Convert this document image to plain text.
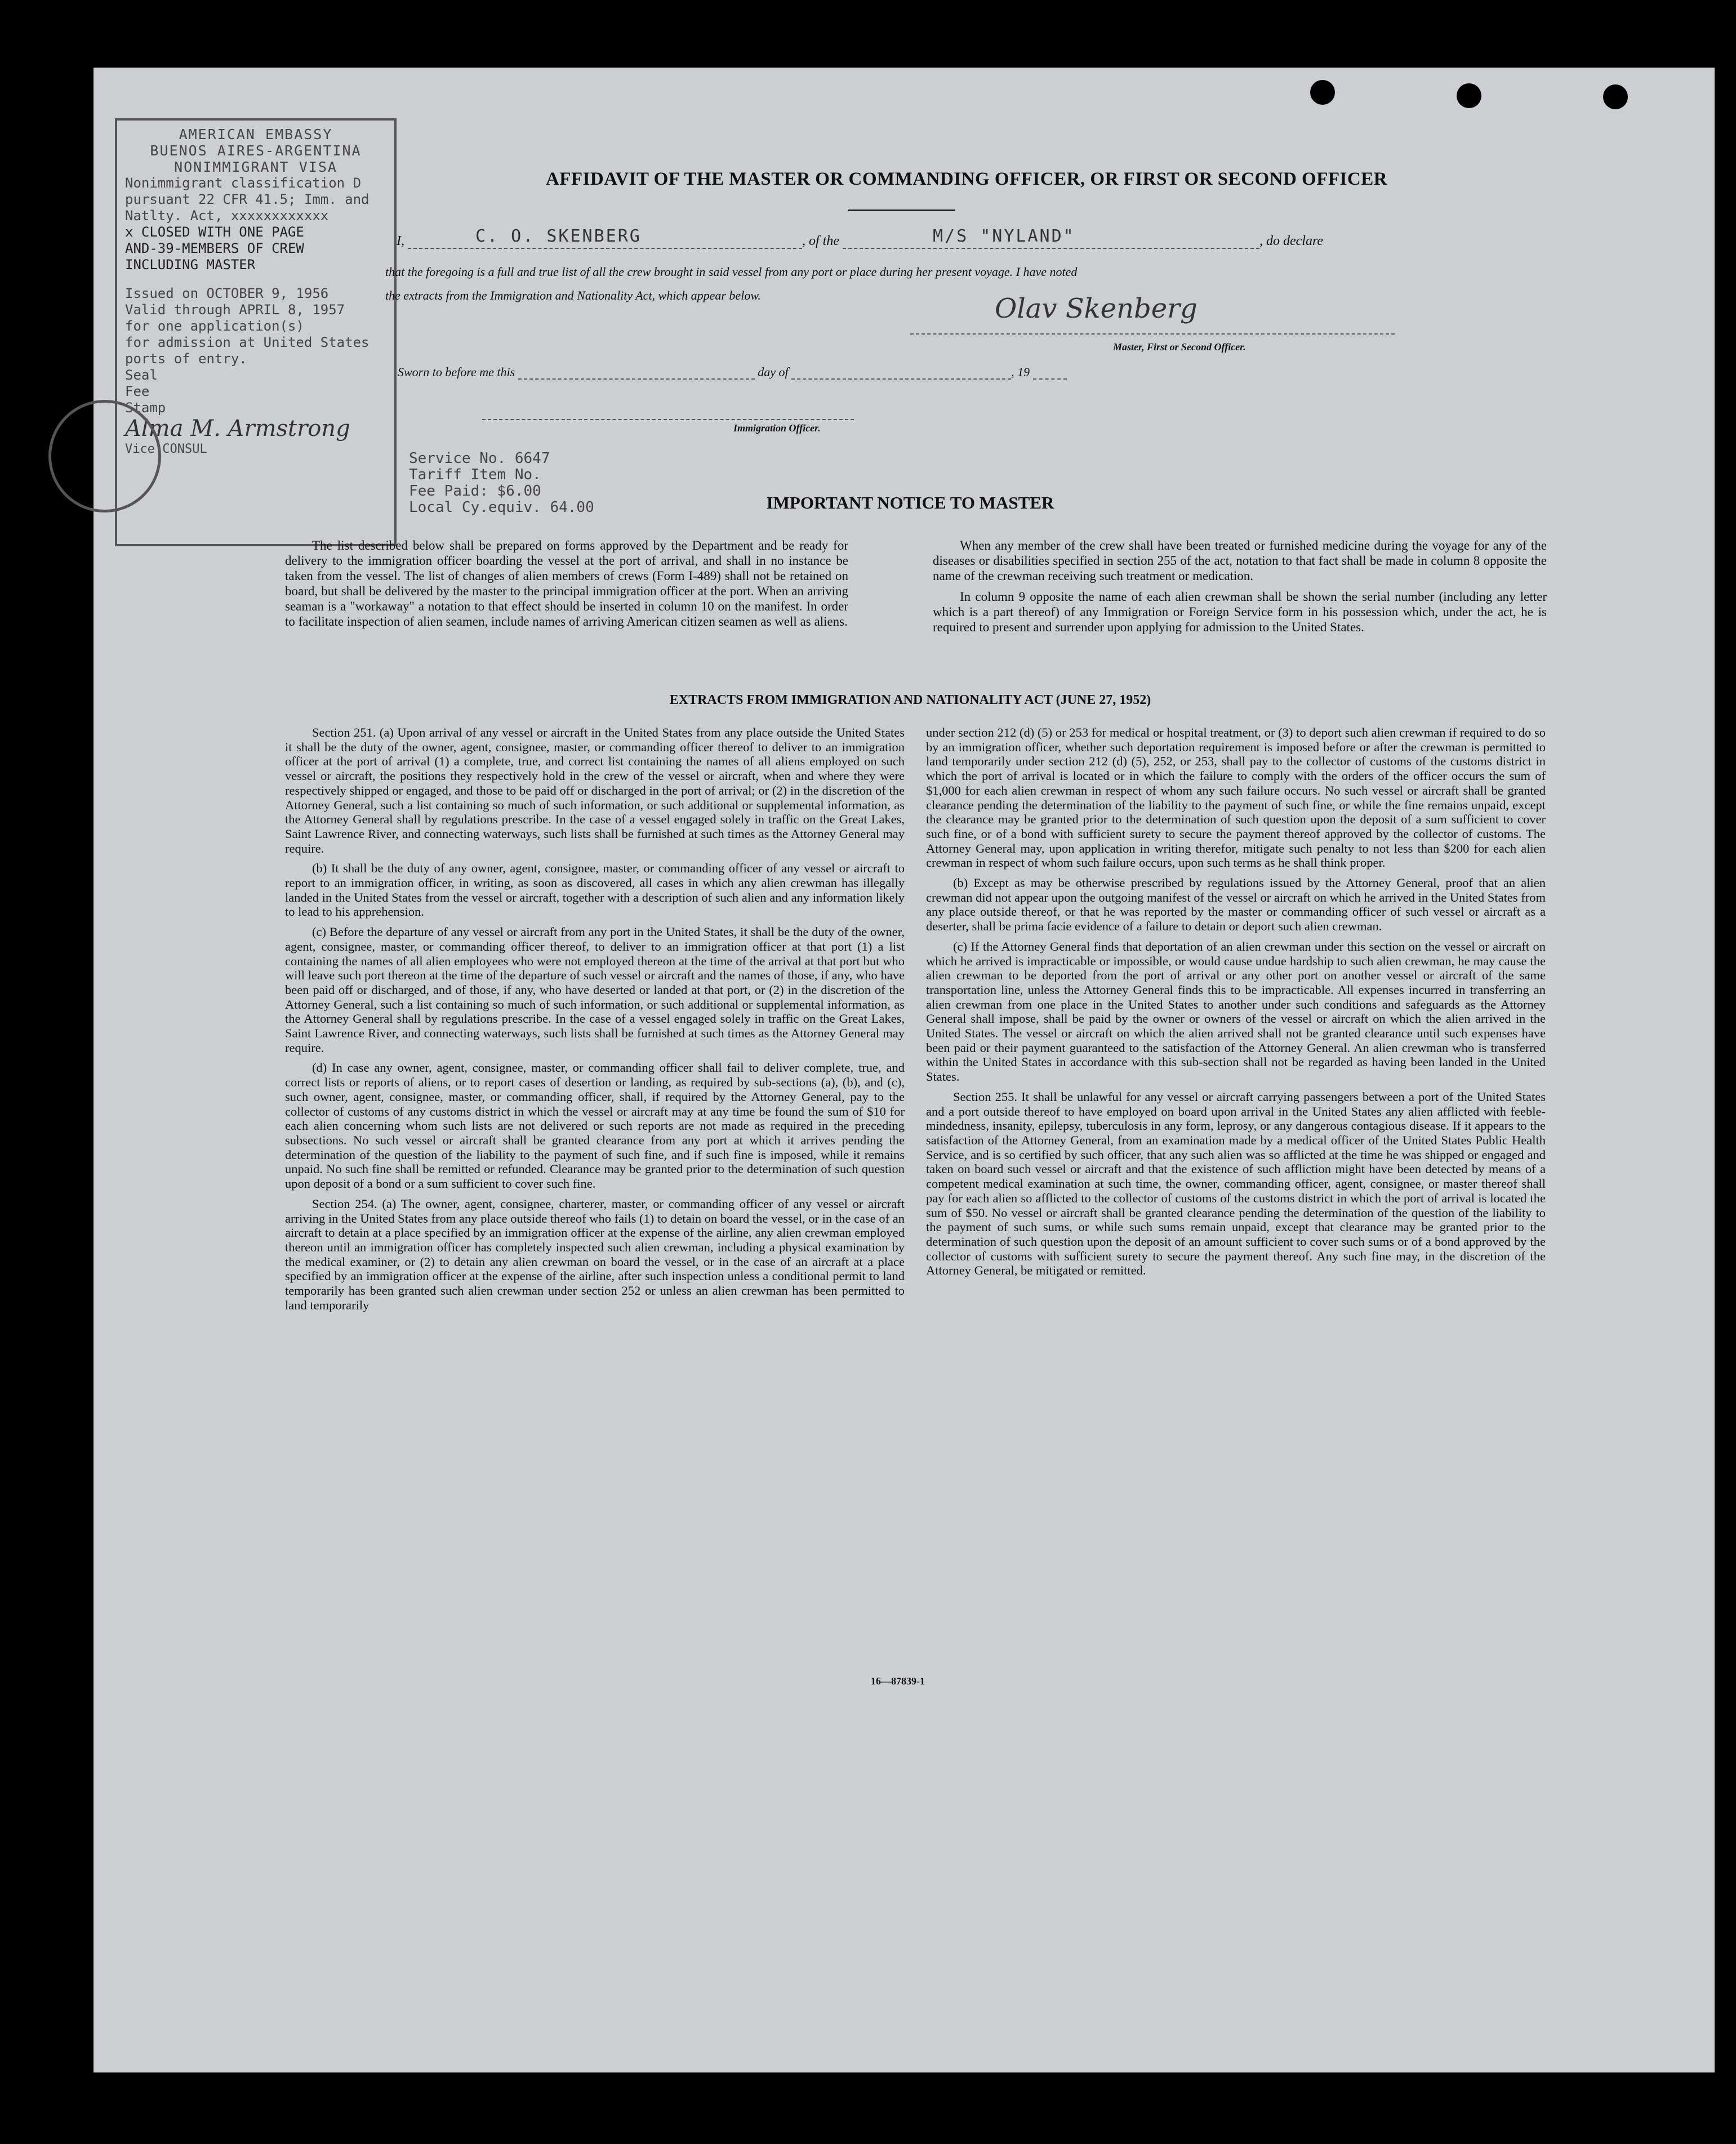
AMERICAN EMBASSY
BUENOS AIRES-ARGENTINA
NONIMMIGRANT VISA
Nonimmigrant classification D
pursuant 22 CFR 41.5; Imm. and
Natlty. Act, xxxxxxxxxxxx
x CLOSED WITH ONE PAGE
AND-39-MEMBERS OF CREW
INCLUDING MASTER
Issued on OCTOBER 9, 1956
Valid through APRIL 8, 1957
for one application(s)
for admission at United States
ports of entry.
Seal
Fee
Stamp
Alma M. Armstrong
Vice CONSUL
Service No. 6647
Tariff Item No.
Fee Paid: $6.00
Local Cy.equiv. 64.00
AFFIDAVIT OF THE MASTER OR COMMANDING OFFICER, OR FIRST OR SECOND OFFICER
I,	C. O. SKENBERG	, of the	M/S "NYLAND"	, do declare
that the foregoing is a full and true list of all the crew brought in said vessel from any port or place during her present voyage. I have noted
the extracts from the Immigration and Nationality Act, which appear below.	Olav Skenberg
Master, First or Second Officer.
Sworn to before me this	day of	, 19
Immigration Officer.
IMPORTANT NOTICE TO MASTER

The list described below shall be prepared on forms approved by the Department and be ready for delivery to the immigration officer boarding the vessel at the port of arrival, and shall in no instance be taken from the vessel. The list of changes of alien members of crews (Form I-489) shall not be retained on board, but shall be delivered by the master to the principal immigration officer at the port. When an arriving seaman is a "workaway" a notation to that effect should be inserted in column 10 on the manifest. In order to facilitate inspection of alien seamen, include names of arriving American citizen seamen as well as aliens.

When any member of the crew shall have been treated or furnished medicine during the voyage for any of the diseases or disabilities specified in section 255 of the act, notation to that fact shall be made in column 8 opposite the name of the crewman receiving such treatment or medication.

In column 9 opposite the name of each alien crewman shall be shown the serial number (including any letter which is a part thereof) of any Immigration or Foreign Service form in his possession which, under the act, he is required to present and surrender upon applying for admission to the United States.

EXTRACTS FROM IMMIGRATION AND NATIONALITY ACT (JUNE 27, 1952)

Section 251. (a) Upon arrival of any vessel or aircraft in the United States from any place outside the United States it shall be the duty of the owner, agent, consignee, master, or commanding officer thereof to deliver to an immigration officer at the port of arrival (1) a complete, true, and correct list containing the names of all aliens employed on such vessel or aircraft, the positions they respectively hold in the crew of the vessel or aircraft, when and where they were respectively shipped or engaged, and those to be paid off or discharged in the port of arrival; or (2) in the discretion of the Attorney General, such a list containing so much of such information, or such additional or supplemental information, as the Attorney General shall by regulations prescribe. In the case of a vessel engaged solely in traffic on the Great Lakes, Saint Lawrence River, and connecting waterways, such lists shall be furnished at such times as the Attorney General may require.

(b) It shall be the duty of any owner, agent, consignee, master, or commanding officer of any vessel or aircraft to report to an immigration officer, in writing, as soon as discovered, all cases in which any alien crewman has illegally landed in the United States from the vessel or aircraft, together with a description of such alien and any information likely to lead to his apprehension.

(c) Before the departure of any vessel or aircraft from any port in the United States, it shall be the duty of the owner, agent, consignee, master, or commanding officer thereof, to deliver to an immigration officer at that port (1) a list containing the names of all alien employees who were not employed thereon at the time of the arrival at that port but who will leave such port thereon at the time of the departure of such vessel or aircraft and the names of those, if any, who have been paid off or discharged, and of those, if any, who have deserted or landed at that port, or (2) in the discretion of the Attorney General, such a list containing so much of such information, or such additional or supplemental information, as the Attorney General shall by regulations prescribe. In the case of a vessel engaged solely in traffic on the Great Lakes, Saint Lawrence River, and connecting waterways, such lists shall be furnished at such times as the Attorney General may require.

(d) In case any owner, agent, consignee, master, or commanding officer shall fail to deliver complete, true, and correct lists or reports of aliens, or to report cases of desertion or landing, as required by sub-sections (a), (b), and (c), such owner, agent, consignee, master, or commanding officer, shall, if required by the Attorney General, pay to the collector of customs of any customs district in which the vessel or aircraft may at any time be found the sum of $10 for each alien concerning whom such lists are not delivered or such reports are not made as required in the preceding subsections. No such vessel or aircraft shall be granted clearance from any port at which it arrives pending the determination of the question of the liability to the payment of such fine, and if such fine is imposed, while it remains unpaid. No such fine shall be remitted or refunded. Clearance may be granted prior to the determination of such question upon deposit of a bond or a sum sufficient to cover such fine.

Section 254. (a) The owner, agent, consignee, charterer, master, or commanding officer of any vessel or aircraft arriving in the United States from any place outside thereof who fails (1) to detain on board the vessel, or in the case of an aircraft to detain at a place specified by an immigration officer at the expense of the airline, any alien crewman employed thereon until an immigration officer has completely inspected such alien crewman, including a physical examination by the medical examiner, or (2) to detain any alien crewman on board the vessel, or in the case of an aircraft at a place specified by an immigration officer at the expense of the airline, after such inspection unless a conditional permit to land temporarily has been granted such alien crewman under section 252 or unless an alien crewman has been permitted to land temporarily

under section 212 (d) (5) or 253 for medical or hospital treatment, or (3) to deport such alien crewman if required to do so by an immigration officer, whether such deportation requirement is imposed before or after the crewman is permitted to land temporarily under section 212 (d) (5), 252, or 253, shall pay to the collector of customs of the customs district in which the port of arrival is located or in which the failure to comply with the orders of the officer occurs the sum of $1,000 for each alien crewman in respect of whom any such failure occurs. No such vessel or aircraft shall be granted clearance pending the determination of the liability to the payment of such fine, or while the fine remains unpaid, except the clearance may be granted prior to the determination of such question upon the deposit of a sum sufficient to cover such fine, or of a bond with sufficient surety to secure the payment thereof approved by the collector of customs. The Attorney General may, upon application in writing therefor, mitigate such penalty to not less than $200 for each alien crewman in respect of whom such failure occurs, upon such terms as he shall think proper.

(b) Except as may be otherwise prescribed by regulations issued by the Attorney General, proof that an alien crewman did not appear upon the outgoing manifest of the vessel or aircraft on which he arrived in the United States from any place outside thereof, or that he was reported by the master or commanding officer of such vessel or aircraft as a deserter, shall be prima facie evidence of a failure to detain or deport such alien crewman.

(c) If the Attorney General finds that deportation of an alien crewman under this section on the vessel or aircraft on which he arrived is impracticable or impossible, or would cause undue hardship to such alien crewman, he may cause the alien crewman to be deported from the port of arrival or any other port on another vessel or aircraft of the same transportation line, unless the Attorney General finds this to be impracticable. All expenses incurred in transferring an alien crewman from one place in the United States to another under such conditions and safeguards as the Attorney General shall impose, shall be paid by the owner or owners of the vessel or aircraft on which the alien arrived in the United States. The vessel or aircraft on which the alien arrived shall not be granted clearance until such expenses have been paid or their payment guaranteed to the satisfaction of the Attorney General. An alien crewman who is transferred within the United States in accordance with this sub-section shall not be regarded as having been landed in the United States.

Section 255. It shall be unlawful for any vessel or aircraft carrying passengers between a port of the United States and a port outside thereof to have employed on board upon arrival in the United States any alien afflicted with feeble-mindedness, insanity, epilepsy, tuberculosis in any form, leprosy, or any dangerous contagious disease. If it appears to the satisfaction of the Attorney General, from an examination made by a medical officer of the United States Public Health Service, and is so certified by such officer, that any such alien was so afflicted at the time he was shipped or engaged and taken on board such vessel or aircraft and that the existence of such affliction might have been detected by means of a competent medical examination at such time, the owner, commanding officer, agent, consignee, or master thereof shall pay for each alien so afflicted to the collector of customs of the customs district in which the port of arrival is located the sum of $50. No vessel or aircraft shall be granted clearance pending the determination of the question of the liability to the payment of such sums, or while such sums remain unpaid, except that clearance may be granted prior to the determination of such question upon the deposit of an amount sufficient to cover such sums or of a bond approved by the collector of customs with sufficient surety to secure the payment thereof. Any such fine may, in the discretion of the Attorney General, be mitigated or remitted.

16—87839-1
